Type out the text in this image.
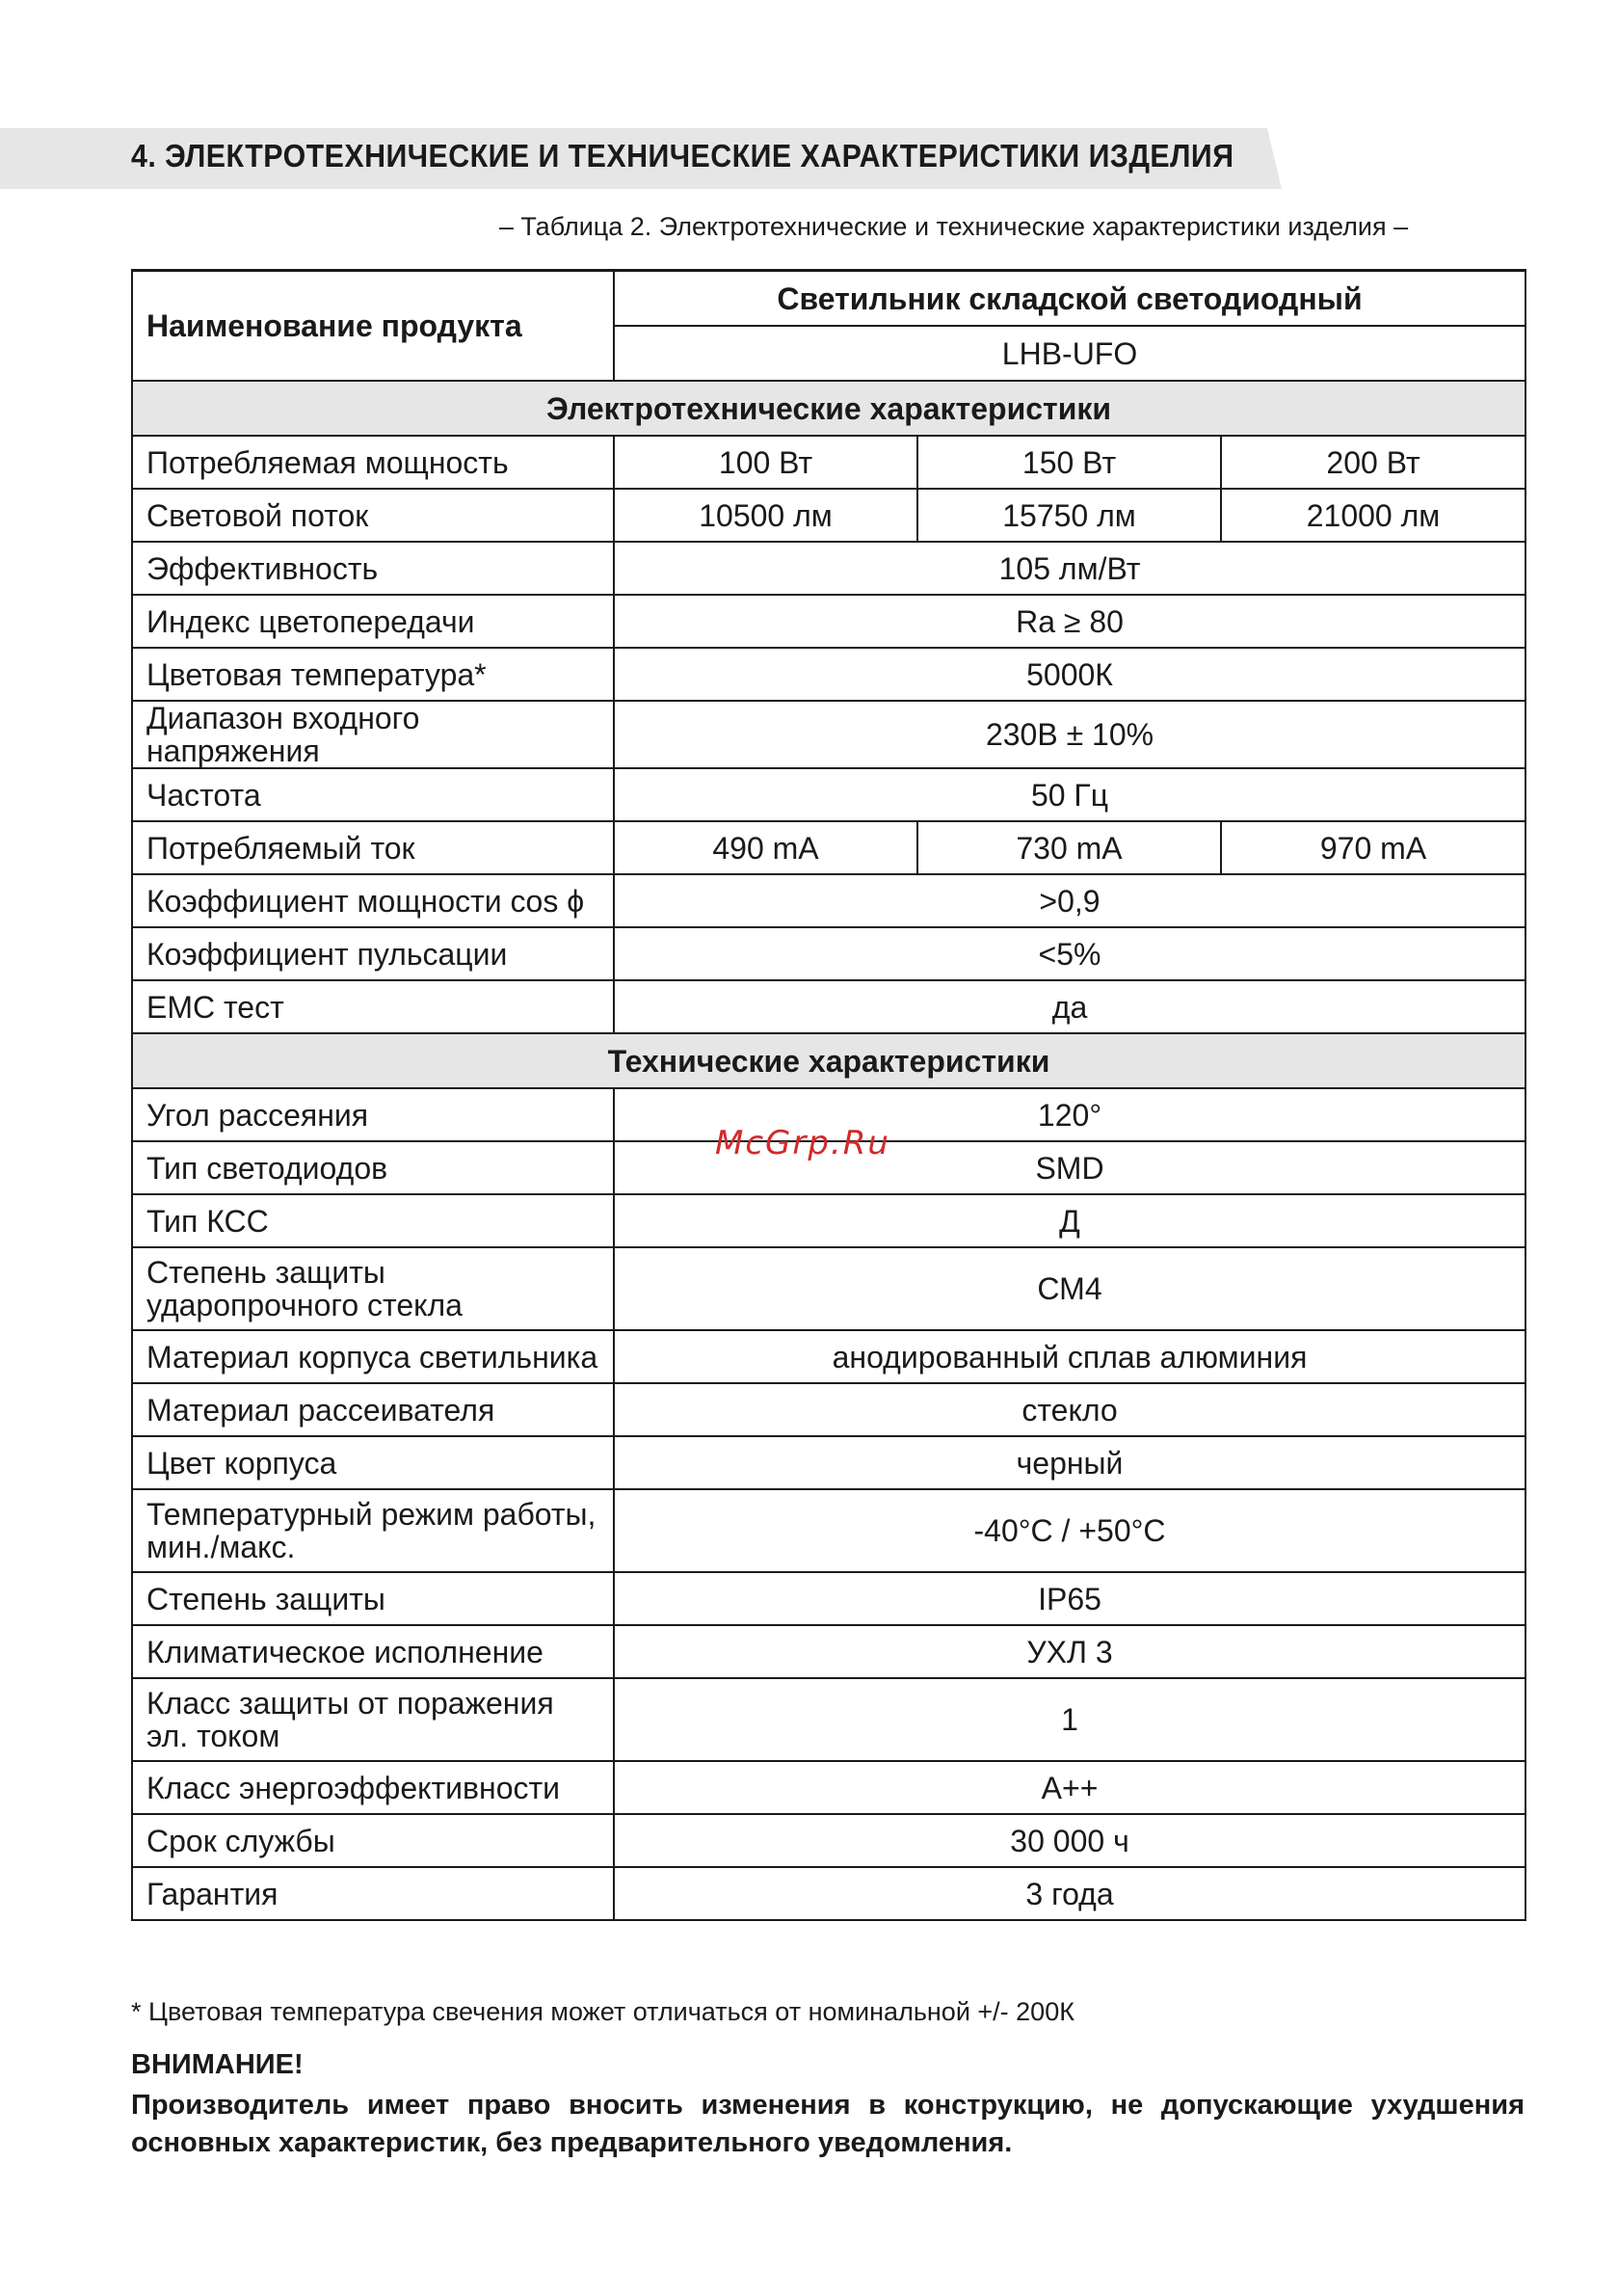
4. ЭЛЕКТРОТЕХНИЧЕСКИЕ И ТЕХНИЧЕСКИЕ ХАРАКТЕРИСТИКИ ИЗДЕЛИЯ
– Таблица 2. Электротехнические и технические характеристики изделия –
Наименование продукта	Светильник складской светодиодный		
	LHB-UFO		
Электротехнические характеристики			
Потребляемая мощность	100 Вт	150 Вт	200 Вт
Световой поток	10500 лм	15750 лм	21000 лм
Эффективность	105 лм/Вт		
Индекс цветопередачи	Ra ≥ 80		
Цветовая температура*	5000К		
Диапазон входного напряжения	230В ± 10%		
Частота	50 Гц		
Потребляемый ток	490 mA	730 mA	970 mA
Коэффициент мощности cos ϕ	>0,9		
Коэффициент пульсации	<5%		
ЕМС тест	да		
Технические характеристики			
Угол рассеяния	120°		
Тип светодиодов	SMD		
Тип КСС	Д		
Степень защиты ударопрочного стекла	СМ4		
Материал корпуса светильника	анодированный сплав алюминия		
Материал рассеивателя	стекло		
Цвет корпуса	черный		
Температурный режим работы, мин./макс.	-40°С / +50°С		
Степень защиты	IP65		
Климатическое исполнение	УХЛ 3		
Класс защиты от поражения эл. током	1		
Класс энергоэффективности	А++		
Срок службы	30 000 ч		
Гарантия	3 года		
McGrp.Ru
* Цветовая температура свечения может отличаться от номинальной +/- 200К
ВНИМАНИЕ!
Производитель имеет право вносить изменения в конструкцию, не допускающие ухудшения основных характеристик, без предварительного уведомления.
